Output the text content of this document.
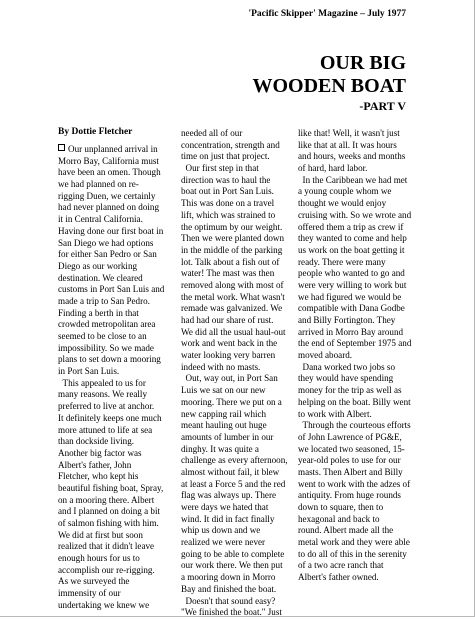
'Pacific Skipper' Magazine – July 1977
OUR BIG
WOODEN BOAT
-PART V
By Dottie Fletcher
Our unplanned arrival in
Morro Bay, California must
have been an omen. Though
we had planned on re-
rigging Duen, we certainly
had never planned on doing
it in Central California.
Having done our first boat in
San Diego we had options
for either San Pedro or San
Diego as our working
destination. We cleared
customs in Port San Luis and
made a trip to San Pedro.
Finding a berth in that
crowded metropolitan area
seemed to be close to an
impossibility. So we made
plans to set down a mooring
in Port San Luis.
This appealed to us for
many reasons. We really
preferred to live at anchor.
It definitely keeps one much
more attuned to life at sea
than dockside living.
Another big factor was
Albert's father, John
Fletcher, who kept his
beautiful fishing boat, Spray,
on a mooring there. Albert
and I planned on doing a bit
of salmon fishing with him.
We did at first but soon
realized that it didn't leave
enough hours for us to
accomplish our re-rigging.
As we surveyed the
immensity of our
undertaking we knew we
needed all of our
concentration, strength and
time on just that project.
Our first step in that
direction was to haul the
boat out in Port San Luis.
This was done on a travel
lift, which was strained to
the optimum by our weight.
Then we were planted down
in the middle of the parking
lot. Talk about a fish out of
water! The mast was then
removed along with most of
the metal work. What wasn't
remade was galvanized. We
had had our share of rust.
We did all the usual haul-out
work and went back in the
water looking very barren
indeed with no masts.
Out, way out, in Port San
Luis we sat on our new
mooring. There we put on a
new capping rail which
meant hauling out huge
amounts of lumber in our
dinghy. It was quite a
challenge as every afternoon,
almost without fail, it blew
at least a Force 5 and the red
flag was always up. There
were days we hated that
wind. It did in fact finally
whip us down and we
realized we were never
going to be able to complete
our work there. We then put
a mooring down in Morro
Bay and finished the boat.
Doesn't that sound easy?
"We finished the boat." Just
like that! Well, it wasn't just
like that at all. It was hours
and hours, weeks and months
of hard, hard labor.
In the Caribbean we had met
a young couple whom we
thought we would enjoy
cruising with. So we wrote and
offered them a trip as crew if
they wanted to come and help
us work on the boat getting it
ready. There were many
people who wanted to go and
were very willing to work but
we had figured we would be
compatible with Dana Godbe
and Billy Fortington. They
arrived in Morro Bay around
the end of September 1975 and
moved aboard.
Dana worked two jobs so
they would have spending
money for the trip as well as
helping on the boat. Billy went
to work with Albert.
Through the courteous efforts
of John Lawrence of PG&E,
we located two seasoned, 15-
year-old poles to use for our
masts. Then Albert and Billy
went to work with the adzes of
antiquity. From huge rounds
down to square, then to
hexagonal and back to
round. Albert made all the
metal work and they were able
to do all of this in the serenity
of a two acre ranch that
Albert's father owned.
